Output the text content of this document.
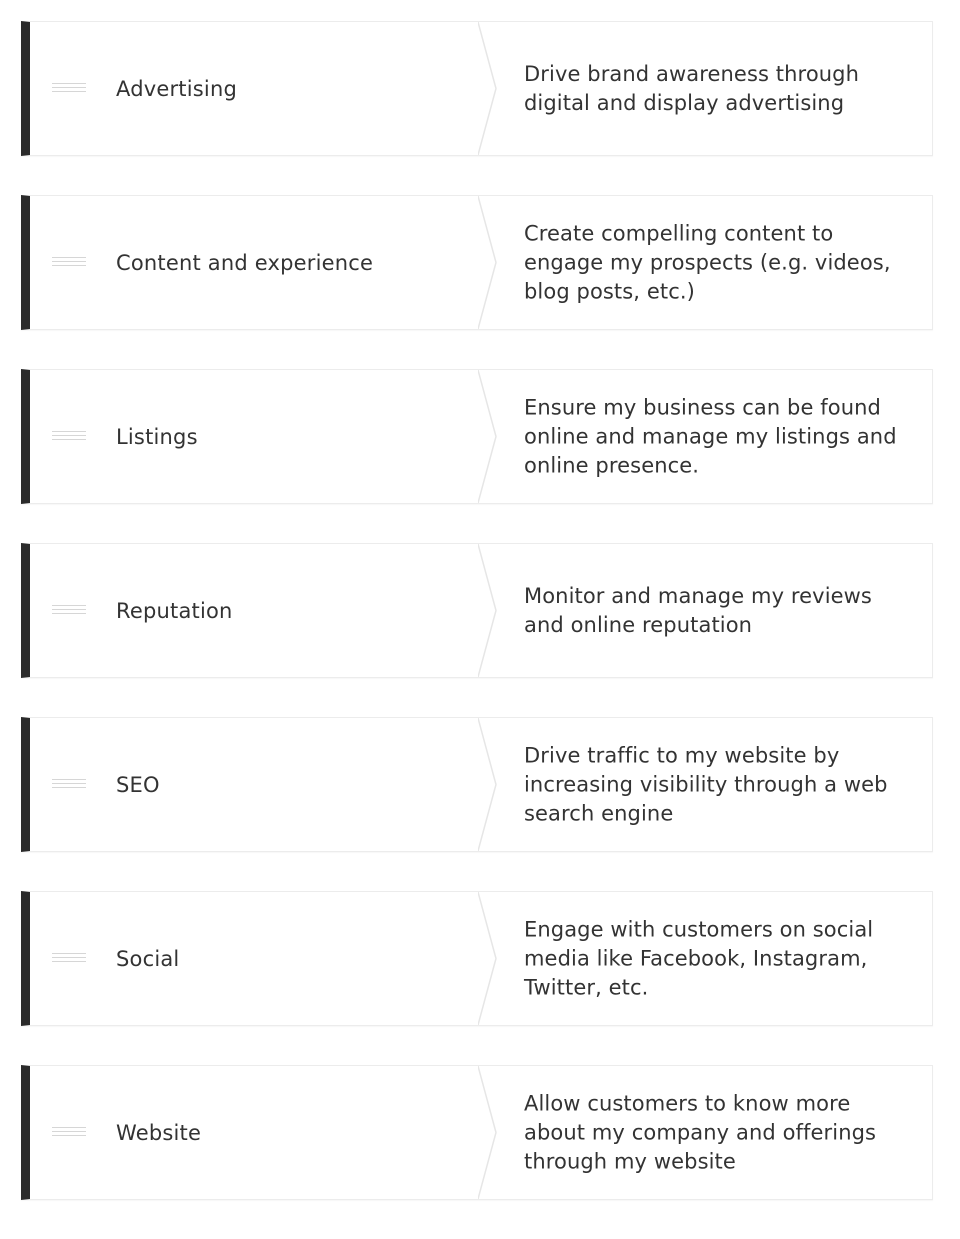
Advertising
Drive brand awareness through digital and display advertising
Content and experience
Create compelling content to engage my prospects (e.g. videos, blog posts, etc.)
Listings
Ensure my business can be found online and manage my listings and online presence.
Reputation
Monitor and manage my reviews and online reputation
SEO
Drive traffic to my website by increasing visibility through a web search engine
Social
Engage with customers on social media like Facebook, Instagram, Twitter, etc.
Website
Allow customers to know more about my company and offerings through my website
